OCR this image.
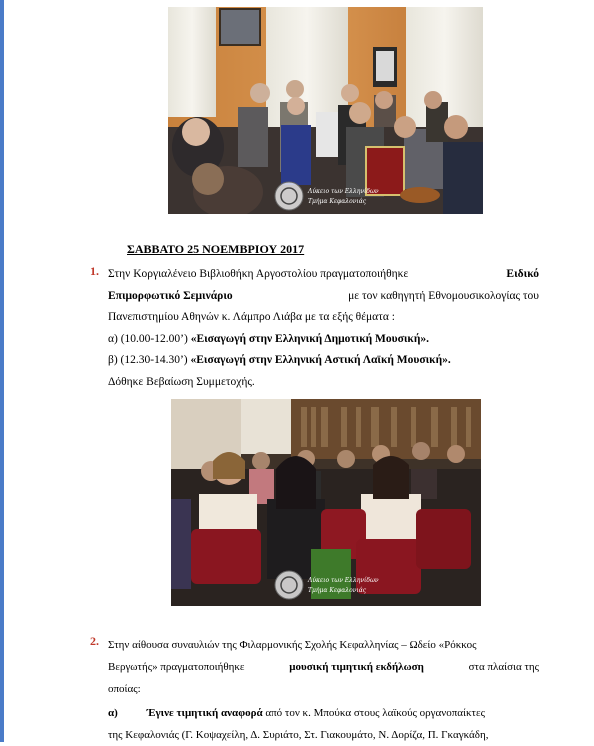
Λύκειο των Ελληνίδων
Τμήμα Κεφαλονιάς
ΣΑΒΒΑΤΟ 25 ΝΟΕΜΒΡΙΟΥ 2017
1. Στην Κοργιαλένειο Βιβλιοθήκη Αργοστολίου πραγματοποιήθηκε	Ειδικό
Επιμορφωτικό Σεμινάριο	με τον καθηγητή Εθνομουσικολογίας του
Πανεπιστημίου Αθηνών κ. Λάμπρο Λιάβα με τα εξής θέματα :
α) (10.00-12.00’) «Εισαγωγή στην Ελληνική Δημοτική Μουσική».
β) (12.30-14.30’) «Εισαγωγή στην Ελληνική Αστική Λαϊκή Μουσική».
Δόθηκε Βεβαίωση Συμμετοχής.
Λύκειο των Ελληνίδων
Τμήμα Κεφαλονιάς
2. Στην αίθουσα συναυλιών της Φιλαρμονικής Σχολής Κεφαλληνίας – Ωδείο «Ρόκκος
Βεργωτής» πραγματοποιήθηκε	μουσική τιμητική εκδήλωση	στα πλαίσια της
οποίας:
α)	Έγινε τιμητική αναφορά από τον κ. Μπούκα στους λαϊκούς οργανοπαίκτες
της Κεφαλονιάς (Γ. Κοψαχείλη, Δ. Συριάτο, Στ. Γιακουμάτο, Ν. Δορίζα, Π. Γκαγκάδη,
